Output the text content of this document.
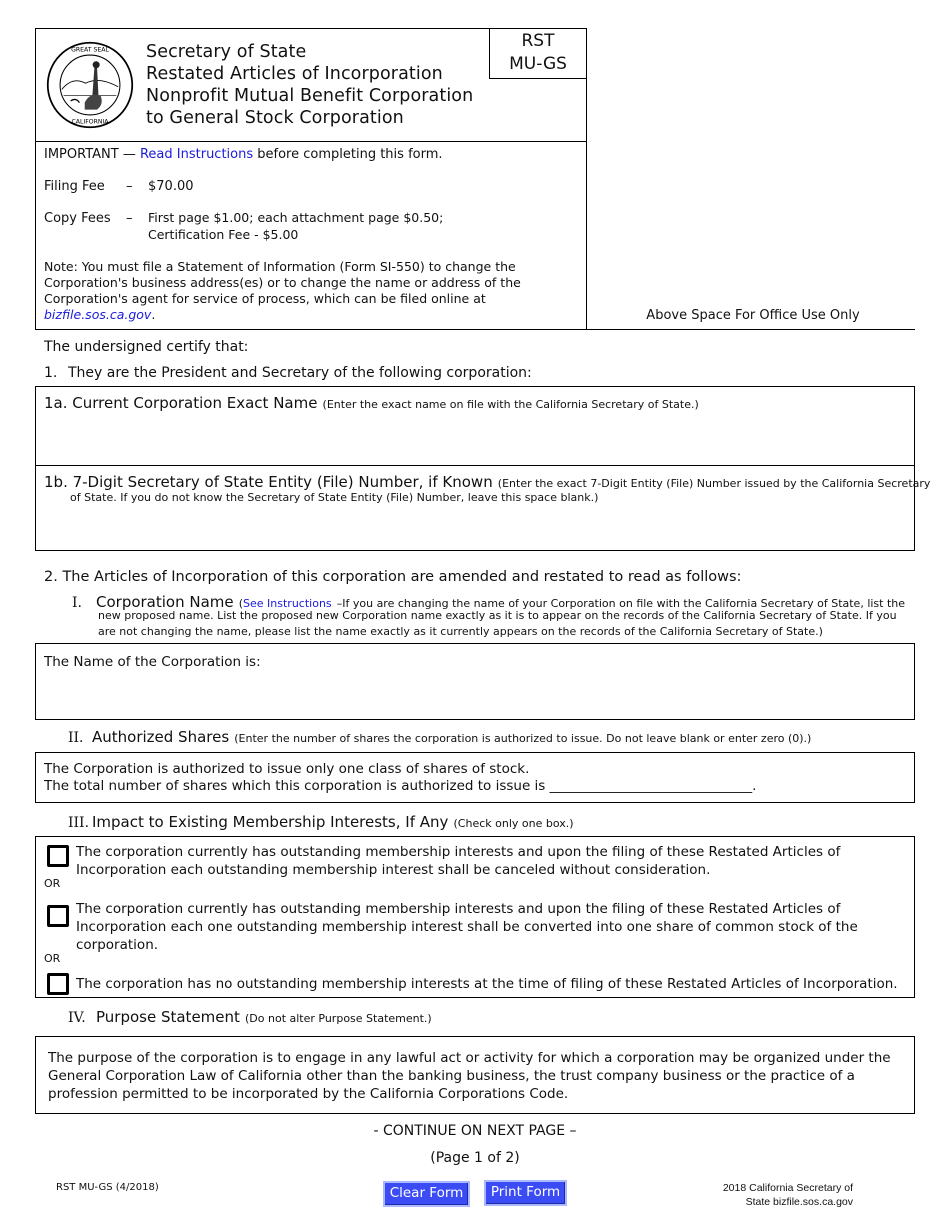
GREAT SEAL
CALIFORNIA
Secretary of State
Restated Articles of Incorporation
Nonprofit Mutual Benefit Corporation
to General Stock Corporation
RST
MU-GS
IMPORTANT — Read Instructions before completing this form.
Filing Fee – $70.00
Copy Fees – First page $1.00; each attachment page $0.50;
Certification Fee - $5.00
Note: You must file a Statement of Information (Form SI-550) to change the
Corporation's business address(es) or to change the name or address of the
Corporation's agent for service of process, which can be filed online at
bizfile.sos.ca.gov.	Above Space For Office Use Only
The undersigned certify that:
1. They are the President and Secretary of the following corporation:
1a. Current Corporation Exact Name (Enter the exact name on file with the California Secretary of State.)
1b. 7-Digit Secretary of State Entity (File) Number, if Known (Enter the exact 7-Digit Entity (File) Number issued by the California Secretary
of State. If you do not know the Secretary of State Entity (File) Number, leave this space blank.)
2. The Articles of Incorporation of this corporation are amended and restated to read as follows:
I. Corporation Name (See Instructions –If you are changing the name of your Corporation on file with the California Secretary of State, list the
new proposed name. List the proposed new Corporation name exactly as it is to appear on the records of the California Secretary of State. If you
are not changing the name, please list the name exactly as it currently appears on the records of the California Secretary of State.)
The Name of the Corporation is:
II. Authorized Shares (Enter the number of shares the corporation is authorized to issue. Do not leave blank or enter zero (0).)
The Corporation is authorized to issue only one class of shares of stock.
The total number of shares which this corporation is authorized to issue is ______________________________
.
III. Impact to Existing Membership Interests, If Any (Check only one box.)
The corporation currently has outstanding membership interests and upon the filing of these Restated Articles of
Incorporation each outstanding membership interest shall be canceled without consideration.
OR
The corporation currently has outstanding membership interests and upon the filing of these Restated Articles of
Incorporation each one outstanding membership interest shall be converted into one share of common stock of the
corporation.
OR
The corporation has no outstanding membership interests at the time of filing of these Restated Articles of Incorporation.
IV. Purpose Statement (Do not alter Purpose Statement.)
The purpose of the corporation is to engage in any lawful act or activity for which a corporation may be organized under the
General Corporation Law of California other than the banking business, the trust company business or the practice of a
profession permitted to be incorporated by the California Corporations Code.
- CONTINUE ON NEXT PAGE –
(Page 1 of 2)
RST MU-GS (4/2018)	Clear Form	Print Form	2018 California Secretary of
State bizfile.sos.ca.gov
